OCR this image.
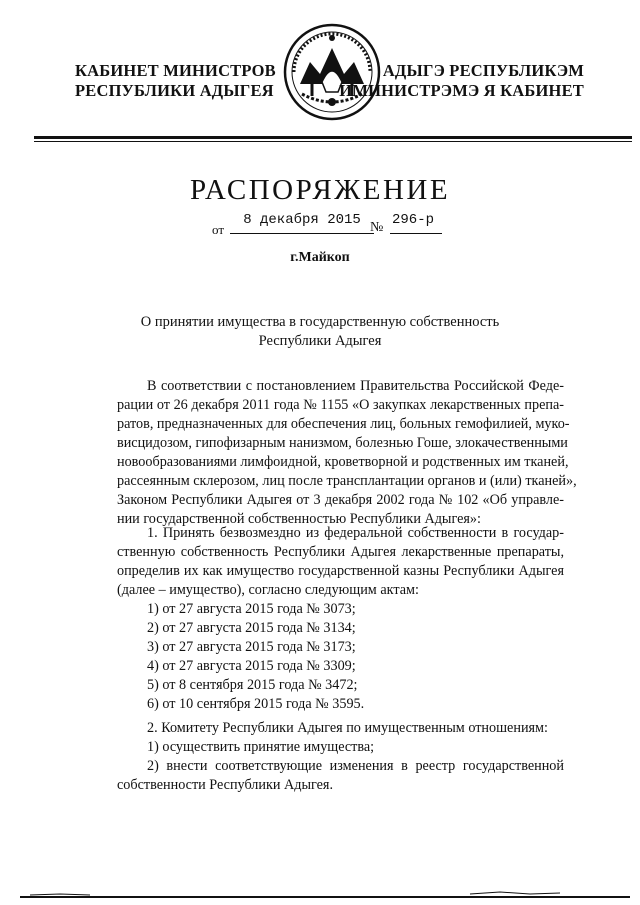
КАБИНЕТ МИНИСТРОВ
РЕСПУБЛИКИ АДЫГЕЯ
АДЫГЭ РЕСПУБЛИКЭМ
ИМИНИСТРЭМЭ Я КАБИНЕТ
РАСПОРЯЖЕНИЕ
от
8 декабря 2015 № 296-р
г.Майкоп
О принятии имущества в государственную собственность
Республики Адыгея
В соответствии с постановлением Правительства Российской Феде-
рации от 26 декабря 2011 года № 1155 «О закупках лекарственных препа-
ратов, предназначенных для обеспечения лиц, больных гемофилией, муко-
висцидозом, гипофизарным нанизмом, болезнью Гоше, злокачественными
новообразованиями лимфоидной, кроветворной и родственных им тканей,
рассеянным склерозом, лиц после трансплантации органов и (или) тканей»,
Законом Республики Адыгея от 3 декабря 2002 года № 102 «Об управле-
нии государственной собственностью Республики Адыгея»:
1. Принять безвозмездно из федеральной собственности в государ-
ственную собственность Республики Адыгея лекарственные препараты,
определив их как имущество государственной казны Республики Адыгея
(далее – имущество), согласно следующим актам:
1) от 27 августа 2015 года № 3073;
2) от 27 августа 2015 года № 3134;
3) от 27 августа 2015 года № 3173;
4) от 27 августа 2015 года № 3309;
5) от 8 сентября 2015 года № 3472;
6) от 10 сентября 2015 года № 3595.
2. Комитету Республики Адыгея по имущественным отношениям:
1) осуществить принятие имущества;
2) внести соответствующие изменения в реестр государственной
собственности Республики Адыгея.
